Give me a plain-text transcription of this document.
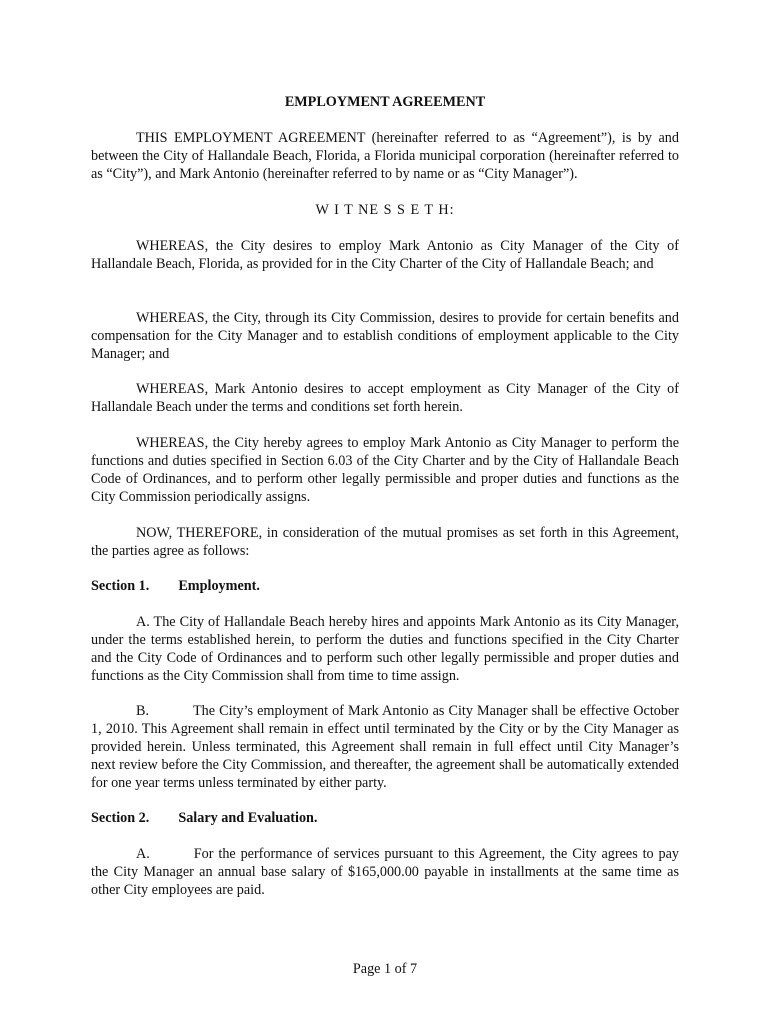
EMPLOYMENT AGREEMENT

THIS EMPLOYMENT AGREEMENT (hereinafter referred to as “Agreement”), is by and between the City of Hallandale Beach, Florida, a Florida municipal corporation (hereinafter referred to as “City”), and Mark Antonio (hereinafter referred to by name or as “City Manager”).

W I T NE S S E T H:

WHEREAS, the City desires to employ Mark Antonio as City Manager of the City of Hallandale Beach, Florida, as provided for in the City Charter of the City of Hallandale Beach; and

WHEREAS, the City, through its City Commission, desires to provide for certain benefits and compensation for the City Manager and to establish conditions of employment applicable to the City Manager; and

WHEREAS, Mark Antonio desires to accept employment as City Manager of the City of Hallandale Beach under the terms and conditions set forth herein.

WHEREAS, the City hereby agrees to employ Mark Antonio as City Manager to perform the functions and duties specified in Section 6.03 of the City Charter and by the City of Hallandale Beach Code of Ordinances, and to perform other legally permissible and proper duties and functions as the City Commission periodically assigns.

NOW, THEREFORE, in consideration of the mutual promises as set forth in this Agreement, the parties agree as follows:

Section 1. Employment.

A. The City of Hallandale Beach hereby hires and appoints Mark Antonio as its City Manager, under the terms established herein, to perform the duties and functions specified in the City Charter and the City Code of Ordinances and to perform such other legally permissible and proper duties and functions as the City Commission shall from time to time assign.

B.	The City’s employment of Mark Antonio as City Manager shall be effective October 1, 2010. This Agreement shall remain in effect until terminated by the City or by the City Manager as provided herein. Unless terminated, this Agreement shall remain in full effect until City Manager’s next review before the City Commission, and thereafter, the agreement shall be automatically extended for one year terms unless terminated by either party.

Section 2. Salary and Evaluation.

A.	For the performance of services pursuant to this Agreement, the City agrees to pay the City Manager an annual base salary of $165,000.00 payable in installments at the same time as other City employees are paid.

Page 1 of 7
